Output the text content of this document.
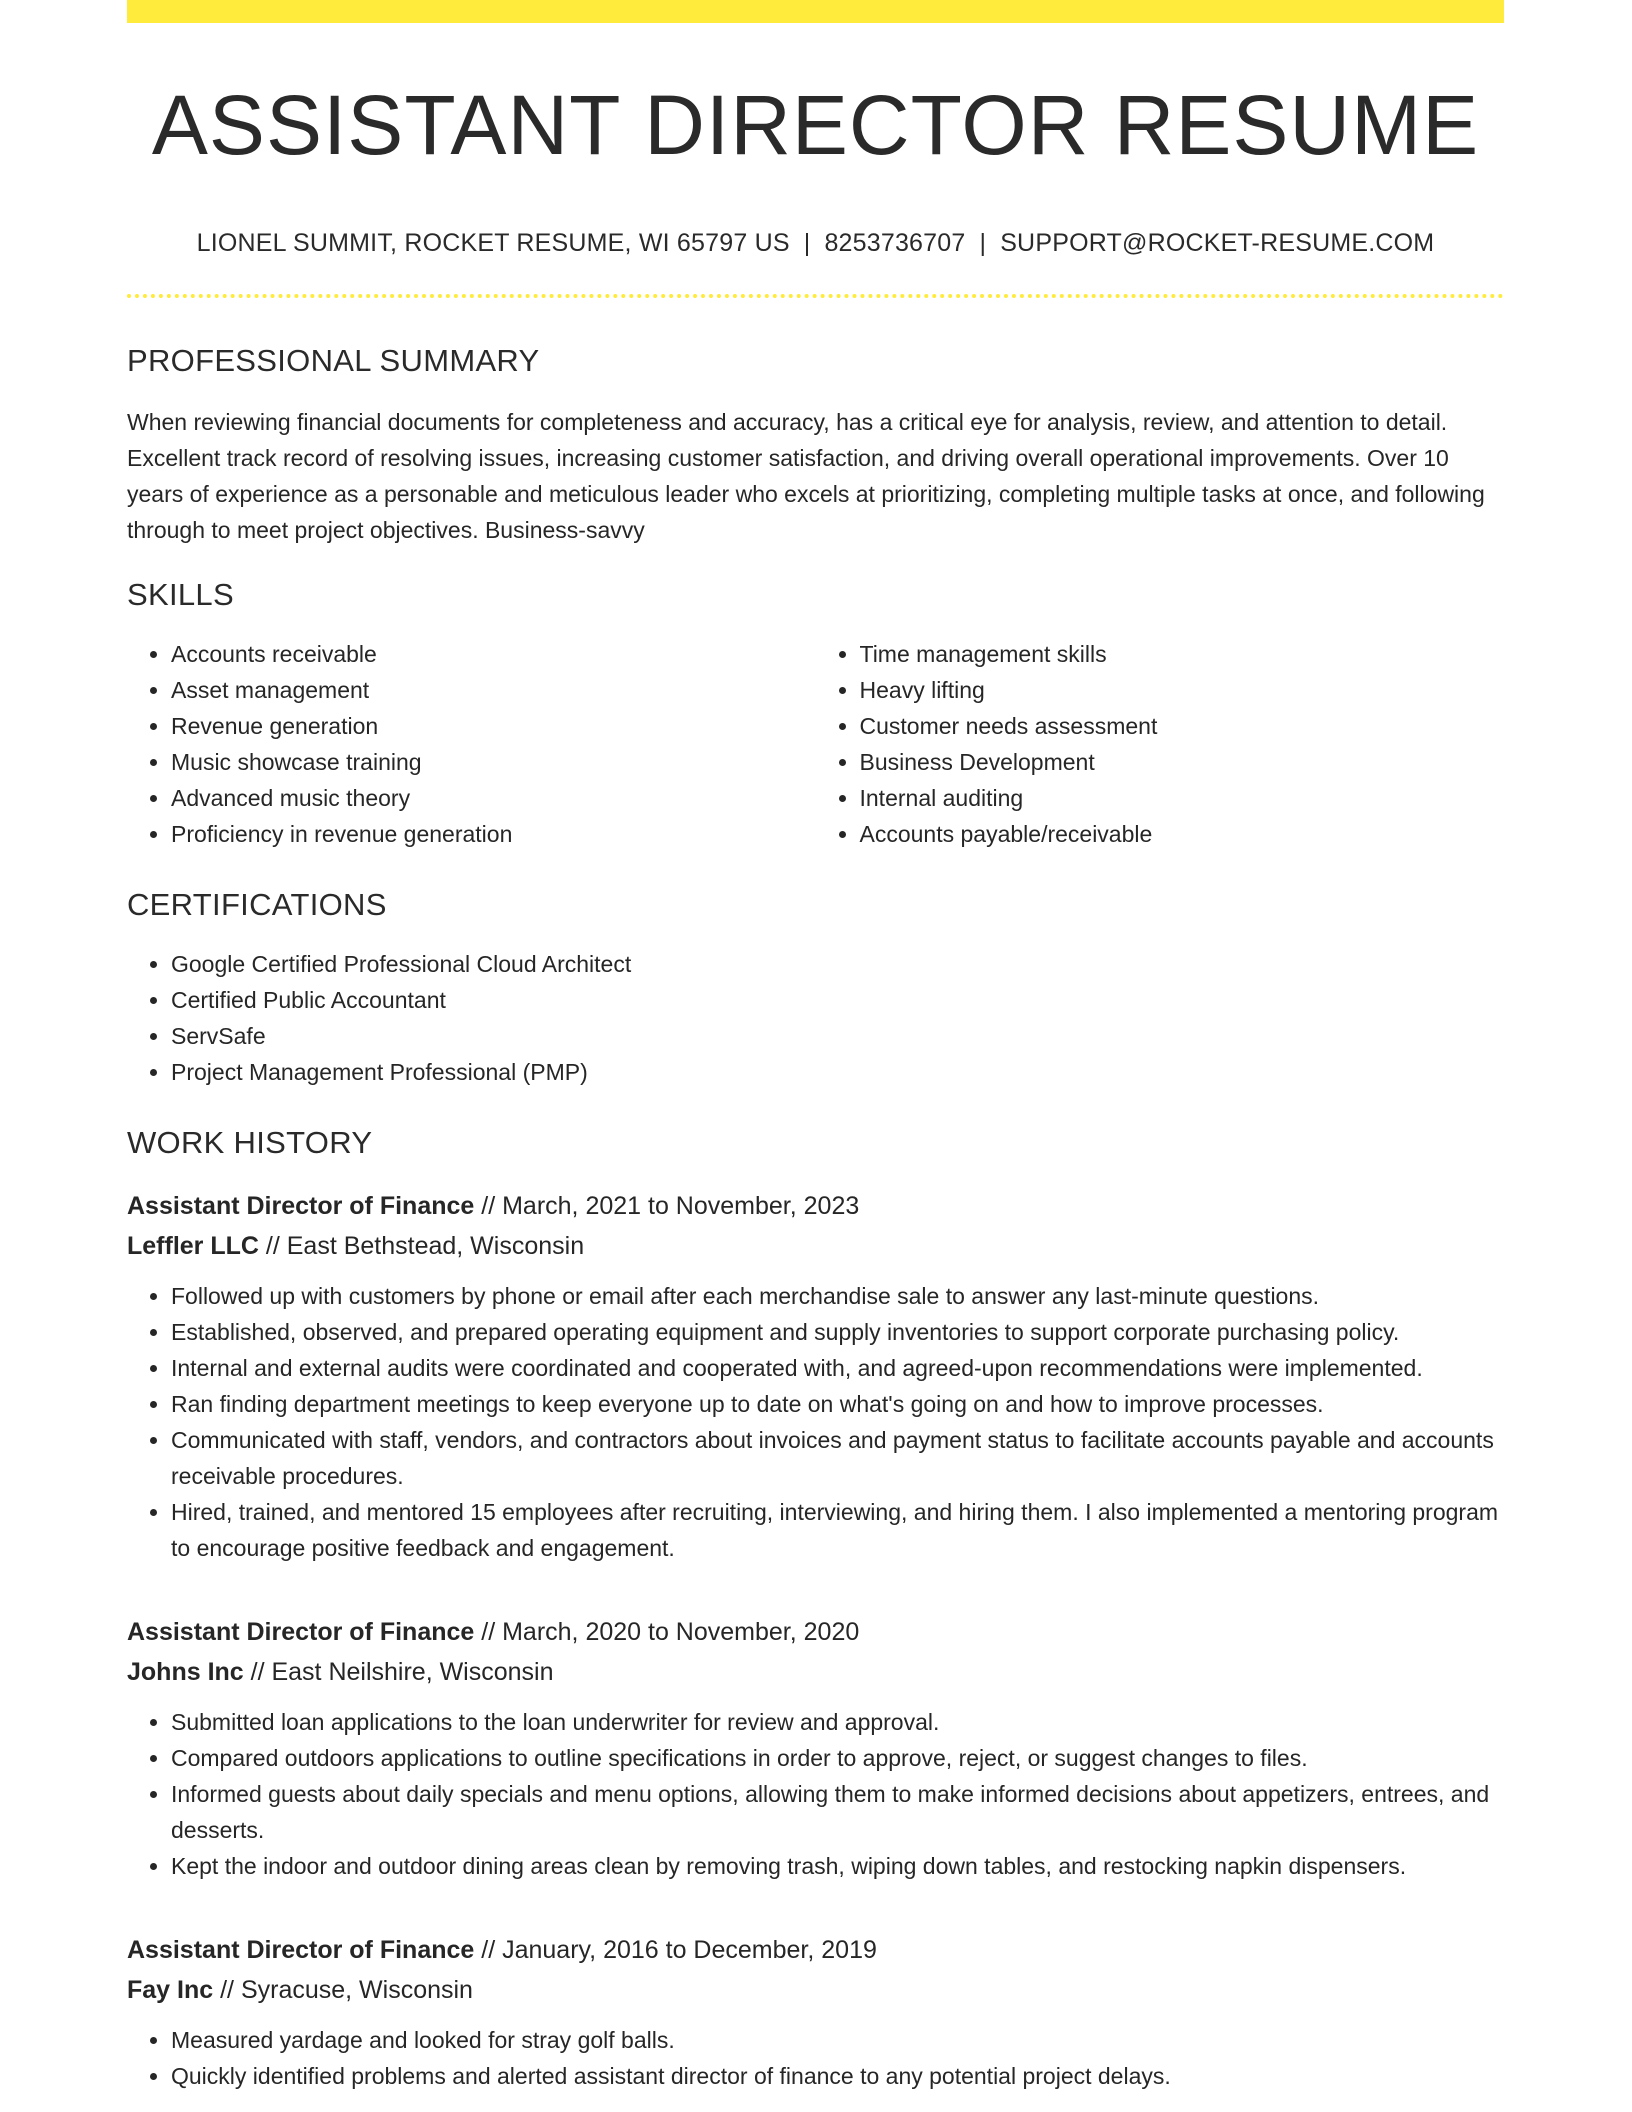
ASSISTANT DIRECTOR RESUME
LIONEL SUMMIT, ROCKET RESUME, WI 65797 US | 8253736707 | SUPPORT@ROCKET-RESUME.COM
PROFESSIONAL SUMMARY

When reviewing financial documents for completeness and accuracy, has a critical eye for analysis, review, and attention to detail. Excellent track record of resolving issues, increasing customer satisfaction, and driving overall operational improvements. Over 10 years of experience as a personable and meticulous leader who excels at prioritizing, completing multiple tasks at once, and following through to meet project objectives. Business-savvy

SKILLS
• Accounts receivable
• Asset management
• Revenue generation
• Music showcase training
• Advanced music theory
• Proficiency in revenue generation
• Time management skills
• Heavy lifting
• Customer needs assessment
• Business Development
• Internal auditing
• Accounts payable/receivable
CERTIFICATIONS
• Google Certified Professional Cloud Architect
• Certified Public Accountant
• ServSafe
• Project Management Professional (PMP)
WORK HISTORY
Assistant Director of Finance // March, 2021 to November, 2023
Leffler LLC // East Bethstead, Wisconsin
• Followed up with customers by phone or email after each merchandise sale to answer any last-minute questions.
• Established, observed, and prepared operating equipment and supply inventories to support corporate purchasing policy.
• Internal and external audits were coordinated and cooperated with, and agreed-upon recommendations were implemented.
• Ran finding department meetings to keep everyone up to date on what's going on and how to improve processes.
• Communicated with staff, vendors, and contractors about invoices and payment status to facilitate accounts payable and accounts receivable procedures.
• Hired, trained, and mentored 15 employees after recruiting, interviewing, and hiring them. I also implemented a mentoring program to encourage positive feedback and engagement.
Assistant Director of Finance // March, 2020 to November, 2020
Johns Inc // East Neilshire, Wisconsin
• Submitted loan applications to the loan underwriter for review and approval.
• Compared outdoors applications to outline specifications in order to approve, reject, or suggest changes to files.
• Informed guests about daily specials and menu options, allowing them to make informed decisions about appetizers, entrees, and desserts.
• Kept the indoor and outdoor dining areas clean by removing trash, wiping down tables, and restocking napkin dispensers.
Assistant Director of Finance // January, 2016 to December, 2019
Fay Inc // Syracuse, Wisconsin
• Measured yardage and looked for stray golf balls.
• Quickly identified problems and alerted assistant director of finance to any potential project delays.
